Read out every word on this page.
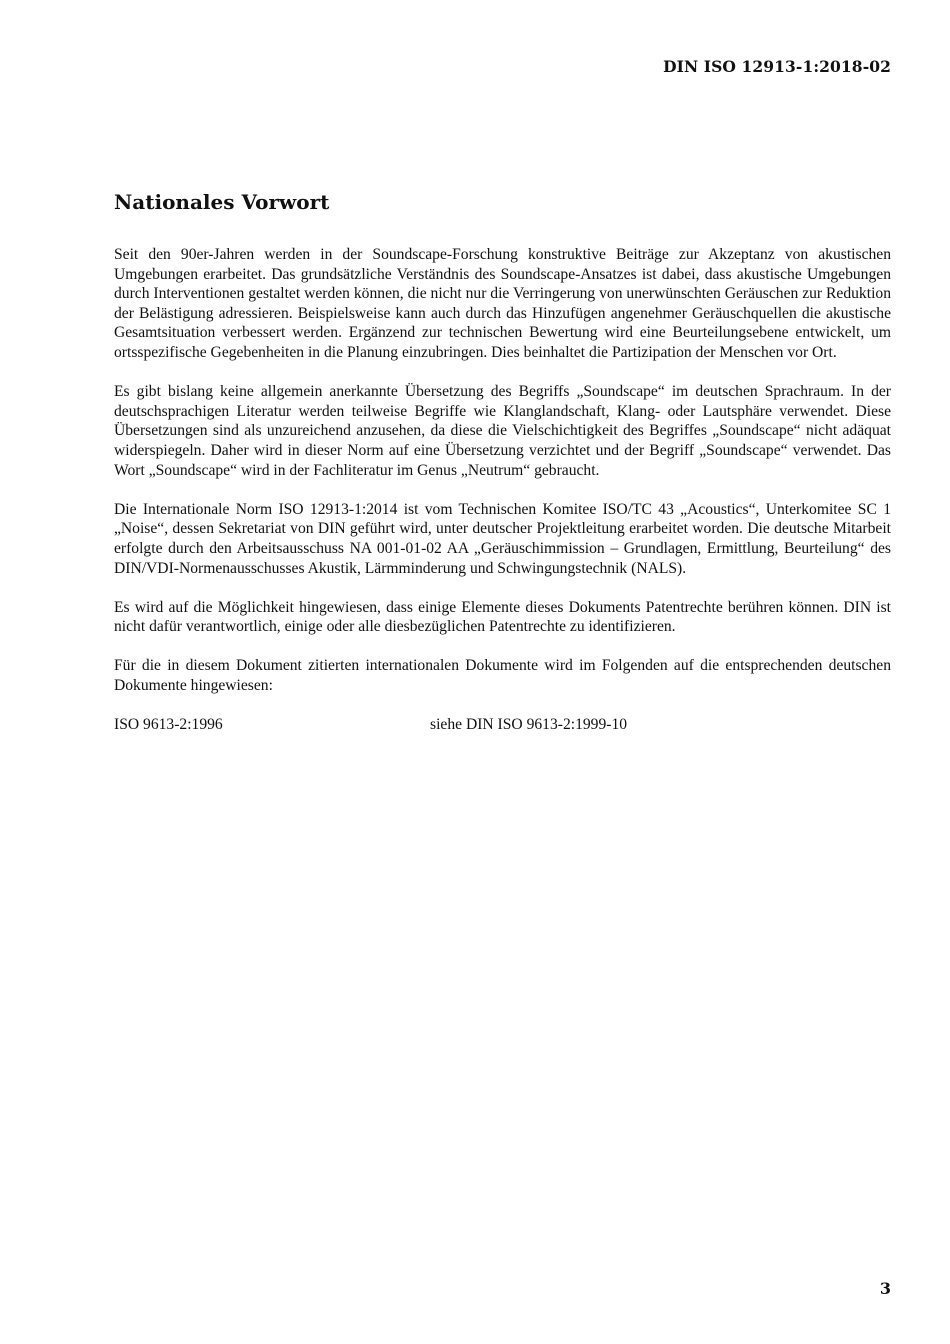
DIN ISO 12913-1:2018-02
Nationales Vorwort

Seit den 90er-Jahren werden in der Soundscape-Forschung konstruktive Beiträge zur Akzeptanz von akustischen Umgebungen erarbeitet. Das grundsätzliche Verständnis des Soundscape-Ansatzes ist dabei, dass akustische Umgebungen durch Interventionen gestaltet werden können, die nicht nur die Verringerung von unerwünschten Geräuschen zur Reduktion der Belästigung adressieren. Beispielsweise kann auch durch das Hinzufügen angenehmer Geräuschquellen die akustische Gesamtsituation verbessert werden. Ergänzend zur technischen Bewertung wird eine Beurteilungsebene entwickelt, um ortsspezifische Gegebenheiten in die Planung einzubringen. Dies beinhaltet die Partizipation der Menschen vor Ort.

Es gibt bislang keine allgemein anerkannte Übersetzung des Begriffs „Soundscape“ im deutschen Sprachraum. In der deutschsprachigen Literatur werden teilweise Begriffe wie Klanglandschaft, Klang- oder Lautsphäre verwendet. Diese Übersetzungen sind als unzureichend anzusehen, da diese die Vielschichtigkeit des Begriffes „Soundscape“ nicht adäquat widerspiegeln. Daher wird in dieser Norm auf eine Übersetzung verzichtet und der Begriff „Soundscape“ verwendet. Das Wort „Soundscape“ wird in der Fachliteratur im Genus „Neutrum“ gebraucht.

Die Internationale Norm ISO 12913-1:2014 ist vom Technischen Komitee ISO/TC 43 „Acoustics“, Unterkomitee SC 1 „Noise“, dessen Sekretariat von DIN geführt wird, unter deutscher Projektleitung erarbeitet worden. Die deutsche Mitarbeit erfolgte durch den Arbeitsausschuss NA 001-01-02 AA „Geräuschimmission – Grundlagen, Ermittlung, Beurteilung“ des DIN/VDI-Normenausschusses Akustik, Lärmminderung und Schwingungstechnik (NALS).

Es wird auf die Möglichkeit hingewiesen, dass einige Elemente dieses Dokuments Patentrechte berühren können. DIN ist nicht dafür verantwortlich, einige oder alle diesbezüglichen Patentrechte zu identifizieren.

Für die in diesem Dokument zitierten internationalen Dokumente wird im Folgenden auf die entsprechenden deutschen Dokumente hingewiesen:

ISO 9613-2:1996	siehe DIN ISO 9613-2:1999-10
3
